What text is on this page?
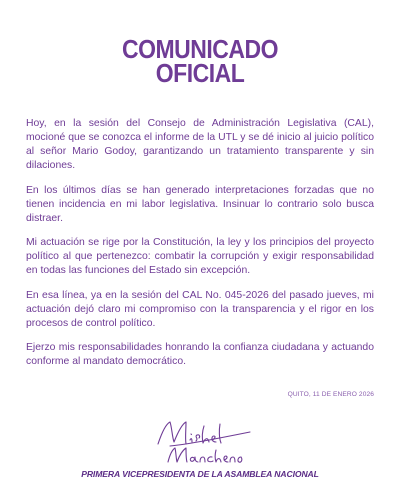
COMUNICADO
OFICIAL

Hoy, en la sesión del Consejo de Administración Legislativa (CAL), mocioné que se conozca el informe de la UTL y se dé inicio al juicio político al señor Mario Godoy, garantizando un tratamiento transparente y sin dilaciones.

En los últimos días se han generado interpretaciones forzadas que no tienen incidencia en mi labor legislativa. Insinuar lo contrario solo busca distraer.

Mi actuación se rige por la Constitución, la ley y los principios del proyecto político al que pertenezco: combatir la corrupción y exigir responsabilidad en todas las funciones del Estado sin excepción.

En esa línea, ya en la sesión del CAL No. 045-2026 del pasado jueves, mi actuación dejó claro mi compromiso con la transparencia y el rigor en los procesos de control político.

Ejerzo mis responsabilidades honrando la confianza ciudadana y actuando conforme al mandato democrático.

QUITO, 11 DE ENERO 2026
PRIMERA VICEPRESIDENTA DE LA ASAMBLEA NACIONAL
